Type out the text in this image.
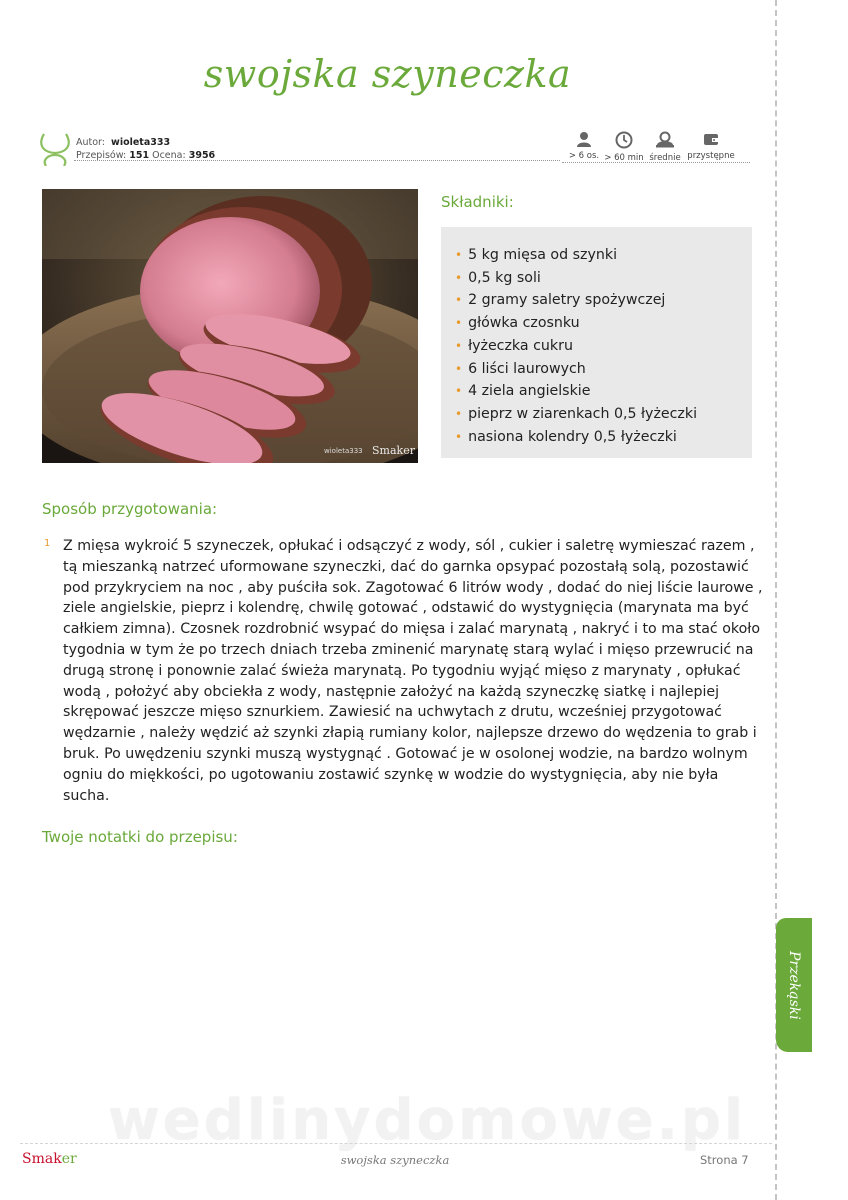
swojska szyneczka
Autor: wioleta333
Przepisów: 151 Ocena: 3956	> 6 os. > 60 min średnie przystępne
wioleta333 Smaker
Składniki:
• 5 kg mięsa od szynki
• 0,5 kg soli
• 2 gramy saletry spożywczej
• główka czosnku
• łyżeczka cukru
• 6 liści laurowych
• 4 ziela angielskie
• pieprz w ziarenkach 0,5 łyżeczki
• nasiona kolendry 0,5 łyżeczki
Sposób przygotowania:
1 Z mięsa wykroić 5 szyneczek, opłukać i odsączyć z wody, sól , cukier i saletrę wymieszać razem , tą mieszanką natrzeć uformowane szyneczki, dać do garnka opsypać pozostałą solą, pozostawić pod przykryciem na noc , aby puściła sok. Zagotować 6 litrów wody , dodać do niej liście laurowe , ziele angielskie, pieprz i kolendrę, chwilę gotować , odstawić do wystygnięcia (marynata ma być całkiem zimna). Czosnek rozdrobnić wsypać do mięsa i zalać marynatą , nakryć i to ma stać około tygodnia w tym że po trzech dniach trzeba zminenić marynatę starą wylać i mięso przewrucić na drugą stronę i ponownie zalać świeża marynatą. Po tygodniu wyjąć mięso z marynaty , opłukać wodą , położyć aby obciekła z wody, następnie założyć na każdą szyneczkę siatkę i najlepiej skrępować jeszcze mięso sznurkiem. Zawiesić na uchwytach z drutu, wcześniej przygotować wędzarnie , należy wędzić aż szynki złapią rumiany kolor, najlepsze drzewo do wędzenia to grab i bruk. Po uwędzeniu szynki muszą wystygnąć . Gotować je w osolonej wodzie, na bardzo wolnym ogniu do miękkości, po ugotowaniu zostawić szynkę w wodzie do wystygnięcia, aby nie była sucha.
Twoje notatki do przepisu:
wedlinydomowe.pl
Przekąski
Smaker	swojska szyneczka	Strona 7
